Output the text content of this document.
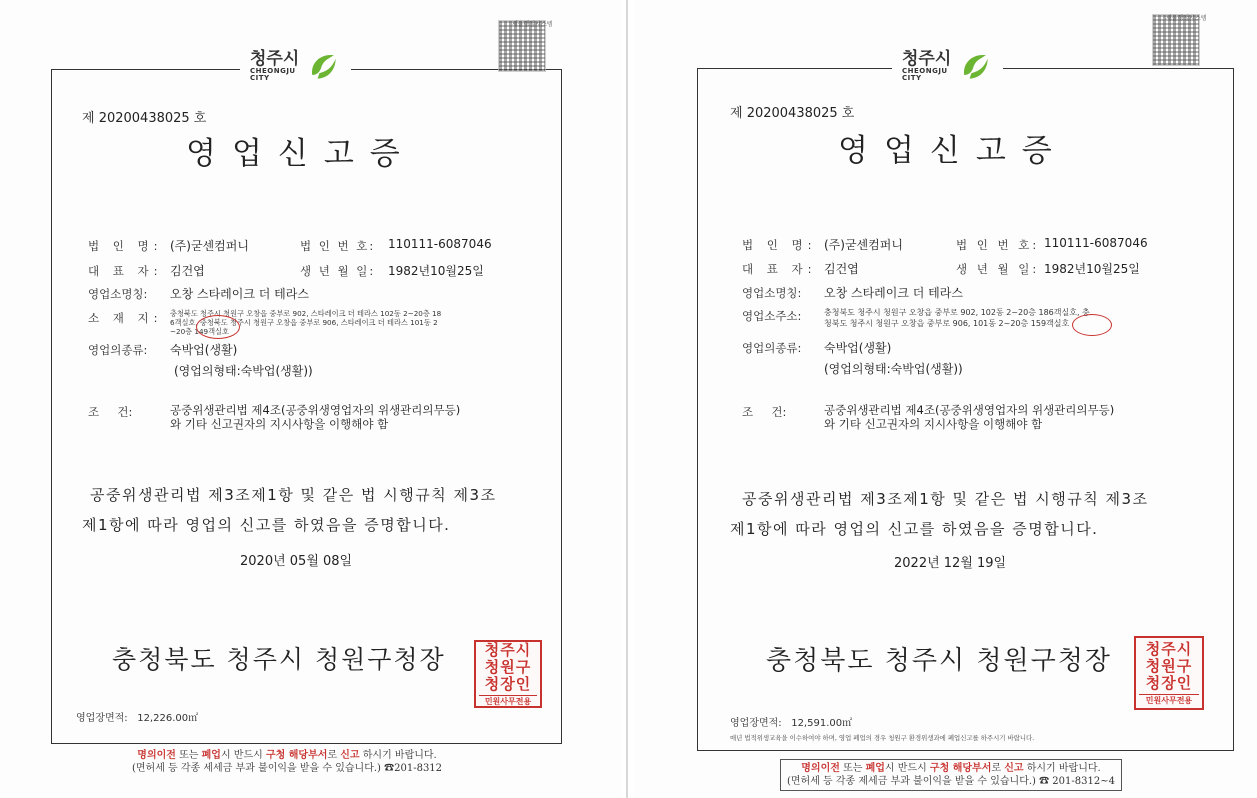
청주시
CHEONGJU
CITY
새올행정시스템
제 20200438025 호
영업신고증
법 인 명: (주)굳센컴퍼니	법 인 번 호: 110111-6087046
대 표 자: 김건엽	생 년 월 일: 1982년10월25일
영업소명칭: 오창 스타레이크 더 테라스
소 재 지: 충청북도 청주시 청원구 오창읍 중부로 902, 스타레이크 더 테라스 102동 2~20층 18
6객실호, 충청북도 청주시 청원구 오창읍 중부로 906, 스타레이크 더 테라스 101동 2
~20층 149객실호
영업의종류: 숙박업(생활)
(영업의형태:숙박업(생활))
조     건:	공중위생관리법 제4조(공중위생영업자의 위생관리의무등)
와 기타 신고권자의 지시사항을 이행해야 함
공중위생관리법 제3조제1항 및 같은 법 시행규칙 제3조
제1항에 따라 영업의 신고를 하였음을 증명합니다.
2020년 05월 08일
충청북도 청주시 청원구청장	청주시
청원구
청장인
민원사무전용
영업장면적:   12,226.00㎡
명의이전 또는 폐업시 반드시 구청 해당부서로 신고 하시기 바랍니다.
(면허세 등 각종 세세금 부과 불이익을 받을 수 있습니다.) ☎201-8312
청주시
CHEONGJU
CITY
새올행정시스템
제 20200438025 호
영업신고증
법 인 명: (주)굳센컴퍼니	법 인 번 호: 110111-6087046
대 표 자: 김건엽	생 년 월 일: 1982년10월25일
영업소명칭: 오창 스타레이크 더 테라스
영업소주소:	충청북도 청주시 청원구 오창읍 중부로 902, 102동 2~20층 186객실호, 충
청북도 청주시 청원구 오창읍 중부로 906, 101동 2~20층 159객실호
영업의종류: 숙박업(생활)
(영업의형태:숙박업(생활))
조     건:	공중위생관리법 제4조(공중위생영업자의 위생관리의무등)
와 기타 신고권자의 지시사항을 이행해야 함
공중위생관리법 제3조제1항 및 같은 법 시행규칙 제3조
제1항에 따라 영업의 신고를 하였음을 증명합니다.
2022년 12월 19일
충청북도 청주시 청원구청장 청주시
청원구
청장인
민원사무전용
영업장면적:   12,591.00㎡
매년 법적위생교육을 이수하여야 하며, 영업 폐업의 경우 청원구 환경위생과에 폐업신고를 하주시기 바랍니다.
명의이전 또는 폐업시 반드시 구청 해당부서로 신고 하시기 바랍니다.
(면허세 등 각종 제세금 부과 불이익을 받을 수 있습니다.) ☎ 201-8312~4
